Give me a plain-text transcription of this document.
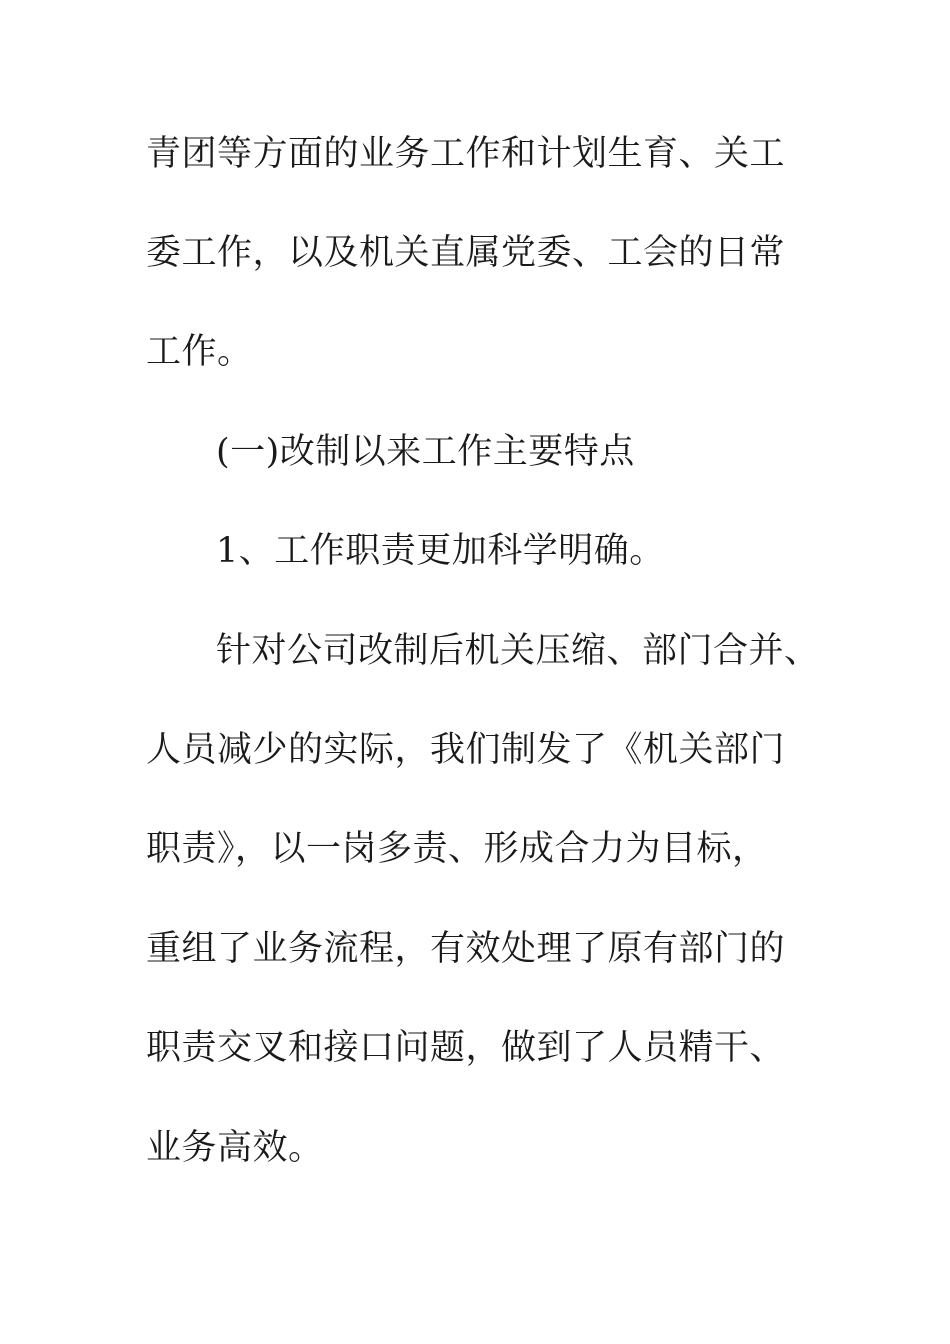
青团等方面的业务工作和计划生育、关工
委工作，以及机关直属党委、工会的日常
工作。
(一)改制以来工作主要特点
1、工作职责更加科学明确。
针对公司改制后机关压缩、部门合并、
人员减少的实际，我们制发了《机关部门
职责》，以一岗多责、形成合力为目标，
重组了业务流程，有效处理了原有部门的
职责交叉和接口问题，做到了人员精干、
业务高效。
